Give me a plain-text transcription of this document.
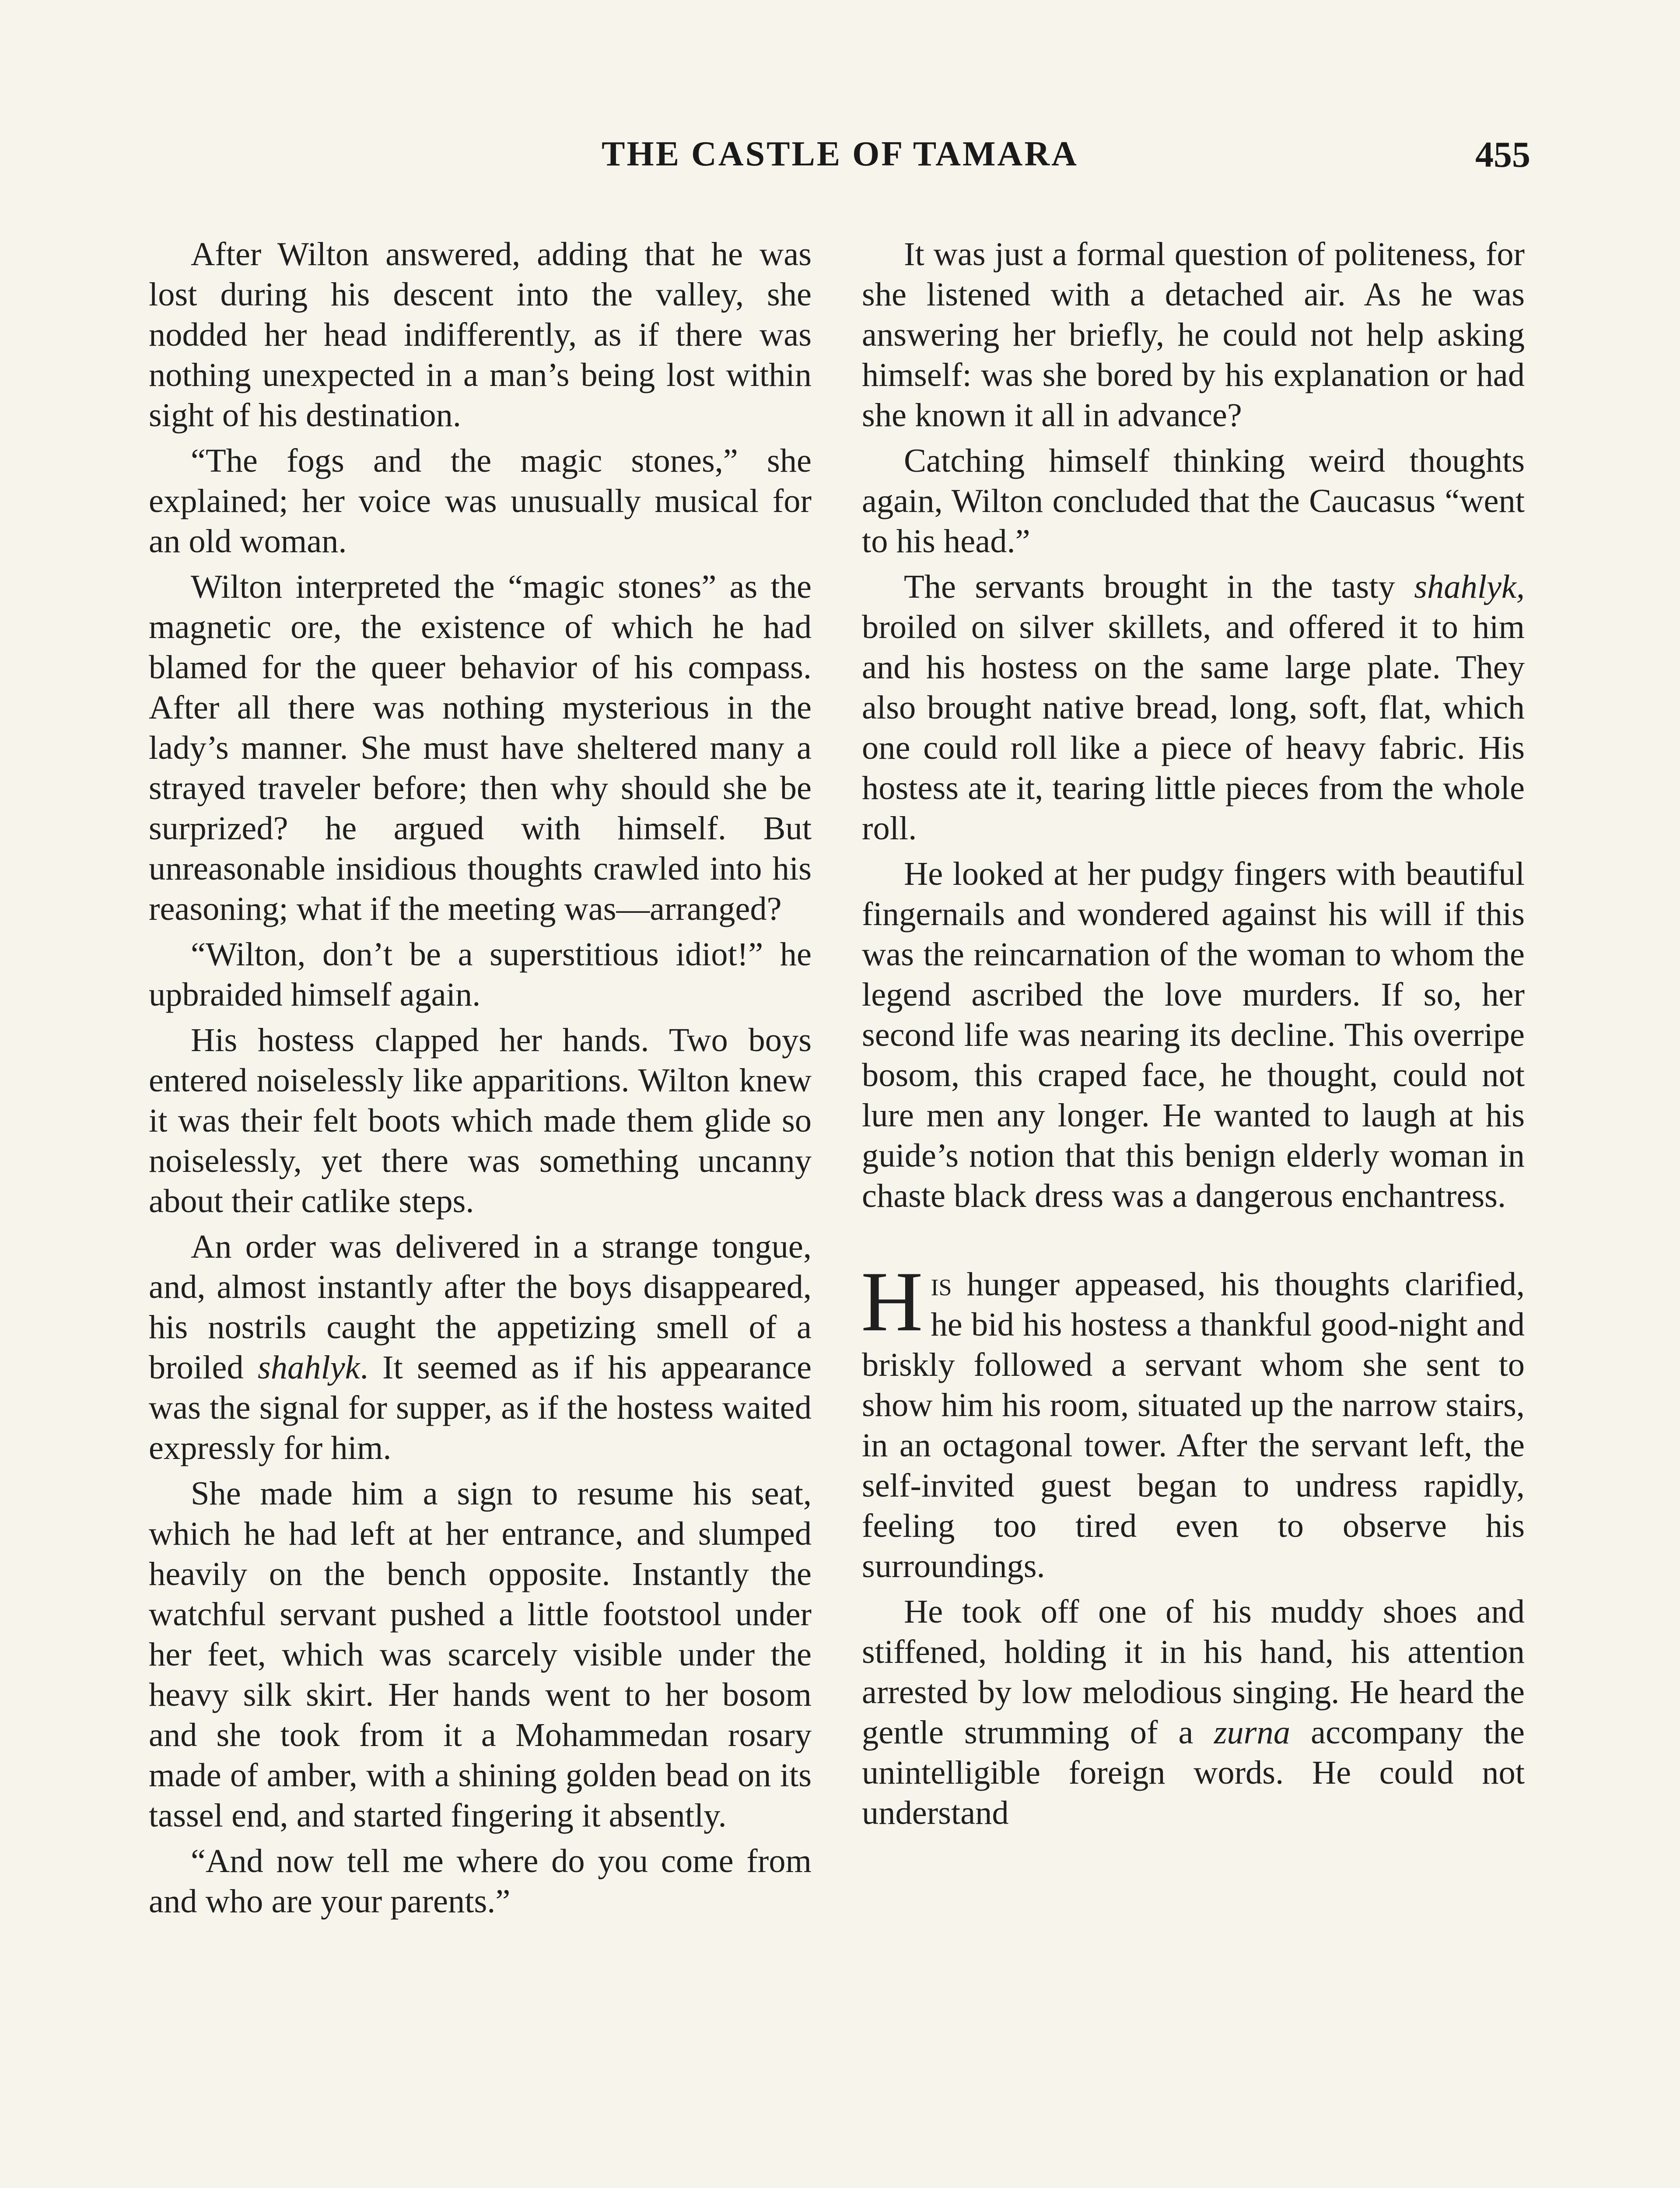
THE CASTLE OF TAMARA	455

After Wilton answered, adding that he was lost during his descent into the valley, she nodded her head indifferently, as if there was nothing unexpected in a man’s being lost within sight of his destination.

“The fogs and the magic stones,” she explained; her voice was unusually musical for an old woman.

Wilton interpreted the “magic stones” as the magnetic ore, the existence of which he had blamed for the queer behavior of his compass. After all there was nothing mysterious in the lady’s manner. She must have sheltered many a strayed traveler before; then why should she be surprized? he argued with himself. But unreasonable insidious thoughts crawled into his reasoning; what if the meeting was—arranged?

“Wilton, don’t be a superstitious idiot!” he upbraided himself again.

His hostess clapped her hands. Two boys entered noiselessly like apparitions. Wilton knew it was their felt boots which made them glide so noiselessly, yet there was something uncanny about their catlike steps.

An order was delivered in a strange tongue, and, almost instantly after the boys disappeared, his nostrils caught the appetizing smell of a broiled shahlyk. It seemed as if his appearance was the signal for supper, as if the hostess waited expressly for him.

She made him a sign to resume his seat, which he had left at her entrance, and slumped heavily on the bench opposite. Instantly the watchful servant pushed a little footstool under her feet, which was scarcely visible under the heavy silk skirt. Her hands went to her bosom and she took from it a Mohammedan rosary made of amber, with a shining golden bead on its tassel end, and started fingering it absently.

“And now tell me where do you come from and who are your parents.”

It was just a formal question of politeness, for she listened with a detached air. As he was answering her briefly, he could not help asking himself: was she bored by his explanation or had she known it all in advance?

Catching himself thinking weird thoughts again, Wilton concluded that the Caucasus “went to his head.”

The servants brought in the tasty shahlyk, broiled on silver skillets, and offered it to him and his hostess on the same large plate. They also brought native bread, long, soft, flat, which one could roll like a piece of heavy fabric. His hostess ate it, tearing little pieces from the whole roll.

He looked at her pudgy fingers with beautiful fingernails and wondered against his will if this was the reincarnation of the woman to whom the legend ascribed the love murders. If so, her second life was nearing its decline. This overripe bosom, this craped face, he thought, could not lure men any longer. He wanted to laugh at his guide’s notion that this benign elderly woman in chaste black dress was a dangerous enchantress.

His hunger appeased, his thoughts clarified, he bid his hostess a thankful good-night and briskly followed a servant whom she sent to show him his room, situated up the narrow stairs, in an octagonal tower. After the servant left, the self-invited guest began to undress rapidly, feeling too tired even to observe his surroundings.

He took off one of his muddy shoes and stiffened, holding it in his hand, his attention arrested by low melodious singing. He heard the gentle strumming of a zurna accompany the unintelligible foreign words. He could not understand
